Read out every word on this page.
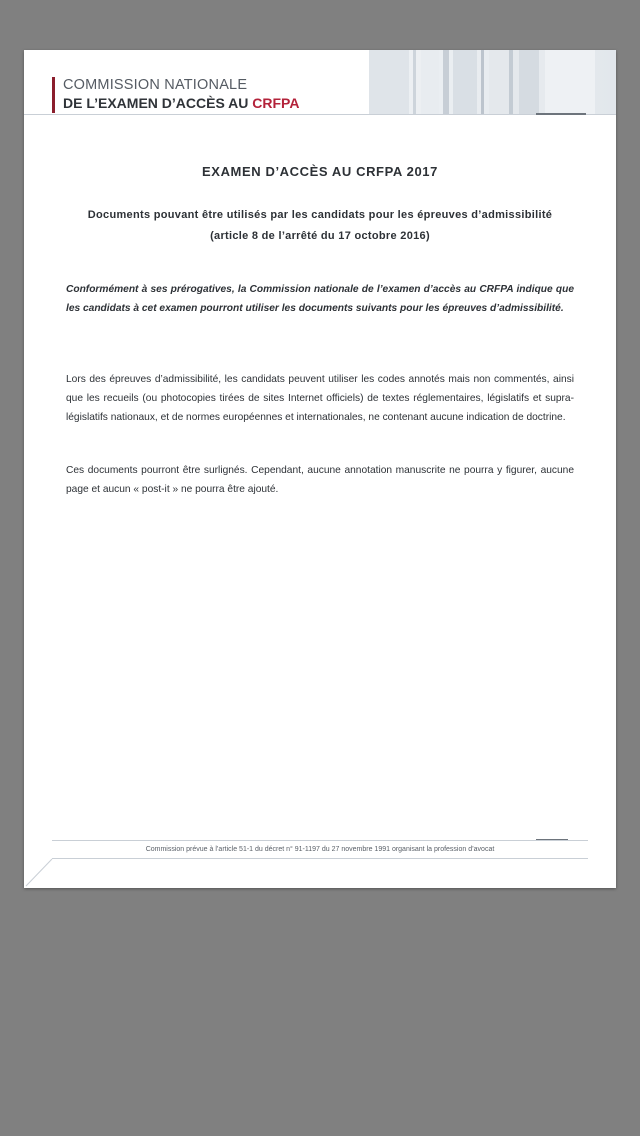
COMMISSION NATIONALE
DE L’EXAMEN D’ACCÈS AU CRFPA
EXAMEN D’ACCÈS AU CRFPA 2017
Documents pouvant être utilisés par les candidats pour les épreuves d’admissibilité
(article 8 de l’arrêté du 17 octobre 2016)
Conformément à ses prérogatives, la Commission nationale de l’examen d’accès au CRFPA indique que les candidats à cet examen pourront utiliser les documents suivants pour les épreuves d’admissibilité.
Lors des épreuves d’admissibilité, les candidats peuvent utiliser les codes annotés mais non commentés, ainsi que les recueils (ou photocopies tirées de sites Internet officiels) de textes réglementaires, législatifs et supra-législatifs nationaux, et de normes européennes et internationales, ne contenant aucune indication de doctrine.
Ces documents pourront être surlignés. Cependant, aucune annotation manuscrite ne pourra y figurer, aucune page et aucun « post-it » ne pourra être ajouté.
Commission prévue à l’article 51-1 du décret n° 91-1197 du 27 novembre 1991 organisant la profession d’avocat
